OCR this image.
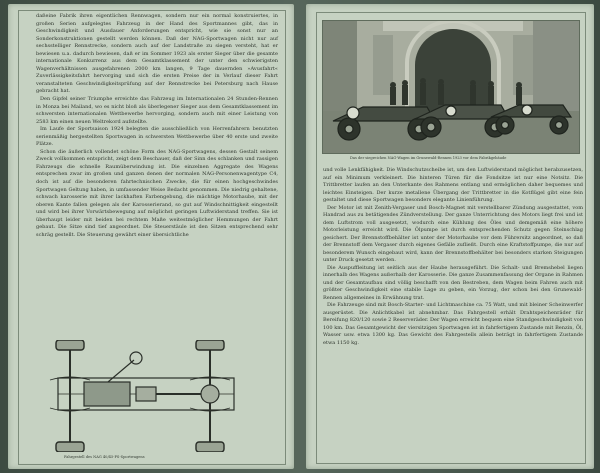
daßeine Fabrik ihren eigentlichen Rennwagen, sondern nur ein normal konstruiertes, in großen Serien aufgelegtes Fahrzeug in der Hand des Sportmannes gibt, das in Geschwindigkeit und Ausdauer Anforderungen entspricht, wie sie sonst nur an Sonderkonstruktionen gestellt werden können. Daß der NAG-Sportwagen nicht nur auf sechsstelliger Rennstrecke, sondern auch auf der Landstraße zu siegen versteht, hat er bewiesen u.a. dadurch bewiesen, daß er im Sommer 1923 als erster Sieger über die gesamte internationale Konkurrenz aus dem Gesamtklassement der unter den schwierigsten Wagenverhältnissen ausgefahrenen 2000 km langen, 9 Tage dauernden »Avusfahrt« Zuverlässigkeitsfahrt hervorging und sich die ersten Preise der in Verlauf dieser Fahrt veranstalteten Geschwindigkeitsprüfung auf der Rennstrecke bei Petersburg nach Hause gebracht hat.

Den Gipfel seiner Triumphe erreichte das Fahrzeug im Internationalen 24 Stunden-Rennen in Monza bei Mailand, wo es nicht bloß als überlegener Sieger aus dem Gesamtklassement im schwersten internationalen Wettbewerbe hervorging, sondern auch mit einer Leistung von 2583 km einen neuen Weltrekord aufstellte.

Im Laufe der Sportsaison 1924 belegten die ausschließlich von Herrenfahrern benutzten serienmäßig hergestellten Sportwagen in schwersten Wettbewerbe über 40 erste und zweite Plätze.

Schon die äußerlich vollendet schöne Form des NAG-Sportwagens, dessen Gestalt seinem Zweck vollkommen entspricht, zeigt dem Beschauer, daß der Sinn des schlanken und rassigen Fahrzeugs die schnelle Raumüberwindung ist. Die einzelnen Aggregate des Wagens entsprechen zwar im großen und ganzen denen der normalen NAG-Personenwagentype C4, doch ist auf die besonderen fahrtechnischen Zwecke, die für einen hochgeschwindes Sportwagen Geltung haben, in umfassender Weise Bedacht genommen. Die niedrig gehaltene, schwach karosserie mit ihrer lackhaften Farbengebung, die mächtige Motorhaube, mit der oberen Kante fallen gelegen als der Karosserierand, so gut auf Windschnittigkeit eingestellt und wird bei ihrer Vorwärtsbewegung auf möglichst geringen Luftwiderstand treffen. Sie ist überhaupt leider mit beiden bei rechtem Maße weitestmöglicher Hemmungen der Fahrt gebaut. Die Sitze sind tief angeordnet. Die Steuerstäule ist den Sitzen entsprechend sehr schräg gestellt. Die Steuerung gewährt einer übersichtliche

Fahrgestell des NAG 40/45-PS-Sportwagens
Das der siegreichen NAG-Wagen im Grunewald-Rennen 1923 vor dem Fabrikgebäude

und volle Lenkfähigkeit. Die Windschutzscheibe ist, um den Luftwiderstand möglichst herabzusetzen, auf ein Minimum verkleinert. Die hinteren Türen für die Fondsitze ist nur eine Notsitz. Die Trittbretter laufen an den Unterkante des Rahmens entlang und ermöglichen daher bequemes und leichtes Einsteigen. Der kurze metallene Übergang der Trittbretter in die Kotflügel gibt eine fein gestaltet und diese Sportwagen besonders elegante Linienführung.

Der Motor ist mit Zenith-Vergaser und Bosch-Magnet mit verstellbarer Zündung ausgestattet, vom Handrad aus zu betätigendes Zündverstellung. Der ganze Unterrichtung des Motors liegt frei und ist dem Luftstrom voll ausgesetzt, wodurch eine Kühlung des Öles und demgemäß eine höhere Motorleistung erreicht wird. Die Ölpumpe ist durch entsprechenden Schutz gegen Steinschlag gesichert. Der Brennstoffbehälter ist unter der Motorhaube vor dem Führersitz angeordnet, so daß der Brennstoff dem Vergaser durch eigenes Gefälle zufließt. Durch eine Kraftstoffpumpe, die nur auf besonderem Wunsch eingebaut wird, kann der Brennstoffbehälter bei besonders starken Steigungen unter Druck gesetzt werden.

Die Auspuffleitung ist seitlich aus der Haube herausgeführt. Die Schalt- und Bremshebel liegen innerhalb des Wagens außerhalb der Karosserie. Die ganze Zusammenfassung der Organe in Rahmen und der Gesamtaufbau sind völlig beschafft von den Bestreben, dem Wagen beim Fahren auch mit größter Geschwindigkeit eine stabile Lage zu geben, ein Vorzug, der schon bei den Grunewald-Rennen allgemeines in Erwähnung trat.

Die Fahrzeuge sind mit Bosch-Starter- und Lichtmaschine ca. 75 Watt, und mit bleiner Scheinwerfer ausgerüstet. Die Anlichtkabel ist abnehmbar. Das Fahrgestell erhält Drahtspeichenräder für Bereifung 820/120 sowie 2 Reserveräder. Der Wagen erreicht bequem eine Standgeschwindigkeit von 100 km. Das Gesamtgewicht der viersitzigen Sportwagen ist in fahrfertigem Zustande mit Benzin, Öl, Wasser usw. etwa 1300 kg. Das Gewicht des Fahrgestells allein beträgt in fahrfertigem Zustande etwa 1150 kg.
